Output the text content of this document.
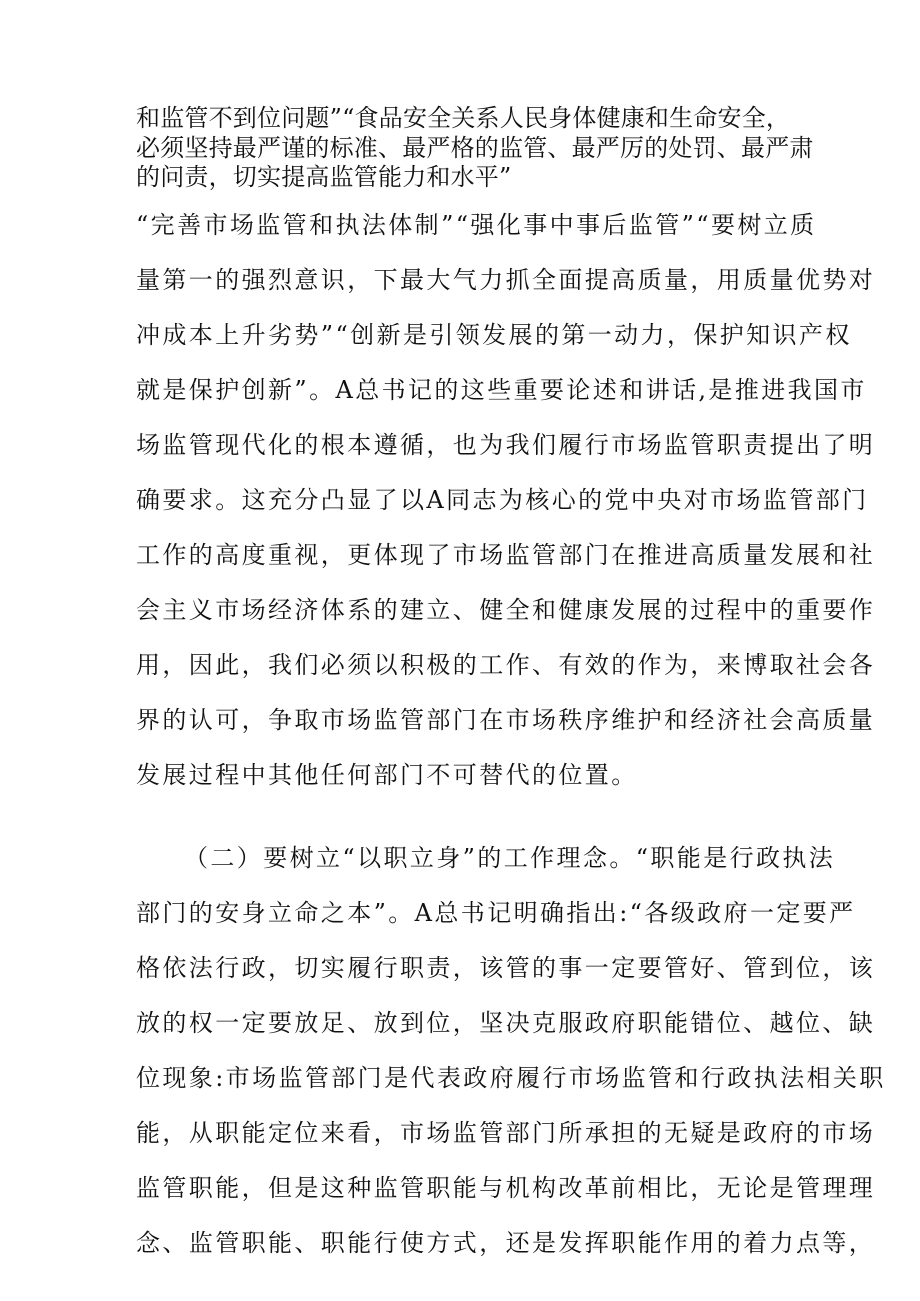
和监管不到位问题”“食品安全关系人民身体健康和生命安全，
必须坚持最严谨的标准、最严格的监管、最严厉的处罚、最严肃
的问责，切实提高监管能力和水平”
“完善市场监管和执法体制”“强化事中事后监管”“要树立质
量第一的强烈意识，下最大气力抓全面提高质量，用质量优势对
冲成本上升劣势”“创新是引领发展的第一动力，保护知识产权
就是保护创新”。A总书记的这些重要论述和讲话,是推进我国市
场监管现代化的根本遵循，也为我们履行市场监管职责提出了明
确要求。这充分凸显了以A同志为核心的党中央对市场监管部门
工作的高度重视，更体现了市场监管部门在推进高质量发展和社
会主义市场经济体系的建立、健全和健康发展的过程中的重要作
用，因此，我们必须以积极的工作、有效的作为，来博取社会各
界的认可，争取市场监管部门在市场秩序维护和经济社会高质量
发展过程中其他任何部门不可替代的位置。
（二）要树立“以职立身”的工作理念。“职能是行政执法
部门的安身立命之本”。A总书记明确指出:“各级政府一定要严
格依法行政，切实履行职责，该管的事一定要管好、管到位，该
放的权一定要放足、放到位，坚决克服政府职能错位、越位、缺
位现象:市场监管部门是代表政府履行市场监管和行政执法相关职
能，从职能定位来看，市场监管部门所承担的无疑是政府的市场
监管职能，但是这种监管职能与机构改革前相比，无论是管理理
念、监管职能、职能行使方式，还是发挥职能作用的着力点等，
